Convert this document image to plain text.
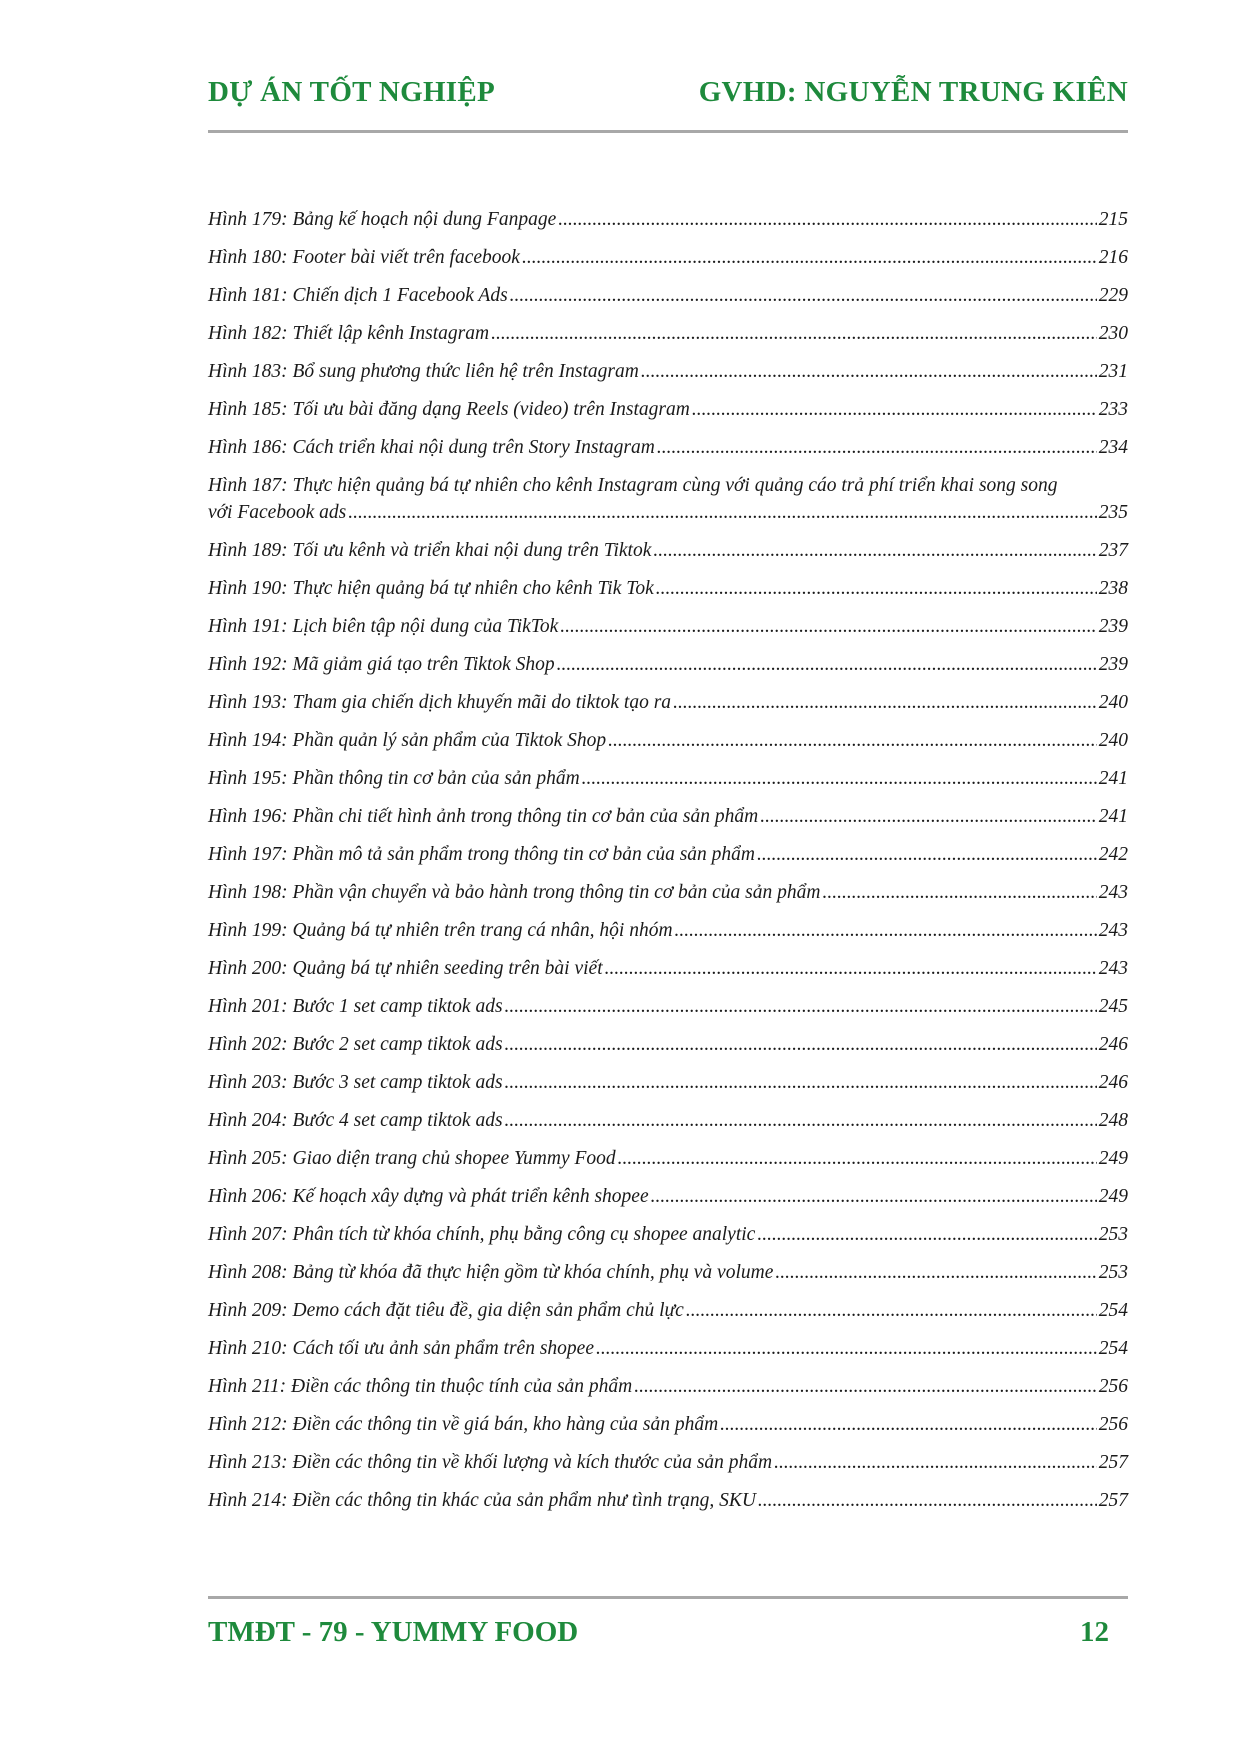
DỰ ÁN TỐT NGHIỆP	GVHD: NGUYỄN TRUNG KIÊN
Hình 179: Bảng kế hoạch nội dung Fanpage .....	215
Hình 180: Footer bài viết trên facebook .....	216
Hình 181: Chiến dịch 1 Facebook Ads .....	229
Hình 182: Thiết lập kênh Instagram .....	230
Hình 183: Bổ sung phương thức liên hệ trên Instagram .....	231
Hình 185: Tối ưu bài đăng dạng Reels (video) trên Instagram .....	233
Hình 186: Cách triển khai nội dung trên Story Instagram .....	234
Hình 187: Thực hiện quảng bá tự nhiên cho kênh Instagram cùng với quảng cáo trả phí triển khai song song
với Facebook ads .....	235
Hình 189: Tối ưu kênh và triển khai nội dung trên Tiktok .....	237
Hình 190: Thực hiện quảng bá tự nhiên cho kênh Tik Tok .....	238
Hình 191: Lịch biên tập nội dung của TikTok .....	239
Hình 192: Mã giảm giá tạo trên Tiktok Shop .....	239
Hình 193: Tham gia chiến dịch khuyến mãi do tiktok tạo ra .....	240
Hình 194: Phần quản lý sản phẩm của Tiktok Shop .....	240
Hình 195: Phần thông tin cơ bản của sản phẩm .....	241
Hình 196: Phần chi tiết hình ảnh trong thông tin cơ bản của sản phẩm .....	241
Hình 197: Phần mô tả sản phẩm trong thông tin cơ bản của sản phẩm .....	242
Hình 198: Phần vận chuyển và bảo hành trong thông tin cơ bản của sản phẩm .....	243
Hình 199: Quảng bá tự nhiên trên trang cá nhân, hội nhóm .....	243
Hình 200: Quảng bá tự nhiên seeding trên bài viết .....	243
Hình 201: Bước 1 set camp tiktok ads .....	245
Hình 202: Bước 2 set camp tiktok ads .....	246
Hình 203: Bước 3 set camp tiktok ads .....	246
Hình 204: Bước 4 set camp tiktok ads .....	248
Hình 205: Giao diện trang chủ shopee Yummy Food .....	249
Hình 206: Kế hoạch xây dựng và phát triển kênh shopee .....	249
Hình 207: Phân tích từ khóa chính, phụ bằng công cụ shopee analytic .....	253
Hình 208: Bảng từ khóa đã thực hiện gồm từ khóa chính, phụ và volume .....	253
Hình 209: Demo cách đặt tiêu đề, gia diện sản phẩm chủ lực .....	254
Hình 210: Cách tối ưu ảnh sản phẩm trên shopee .....	254
Hình 211: Điền các thông tin thuộc tính của sản phẩm .....	256
Hình 212: Điền các thông tin về giá bán, kho hàng của sản phẩm .....	256
Hình 213: Điền các thông tin về khối lượng và kích thước của sản phẩm .....	257
Hình 214: Điền các thông tin khác của sản phẩm như tình trạng, SKU .....	257
TMĐT - 79 - YUMMY FOOD	12
